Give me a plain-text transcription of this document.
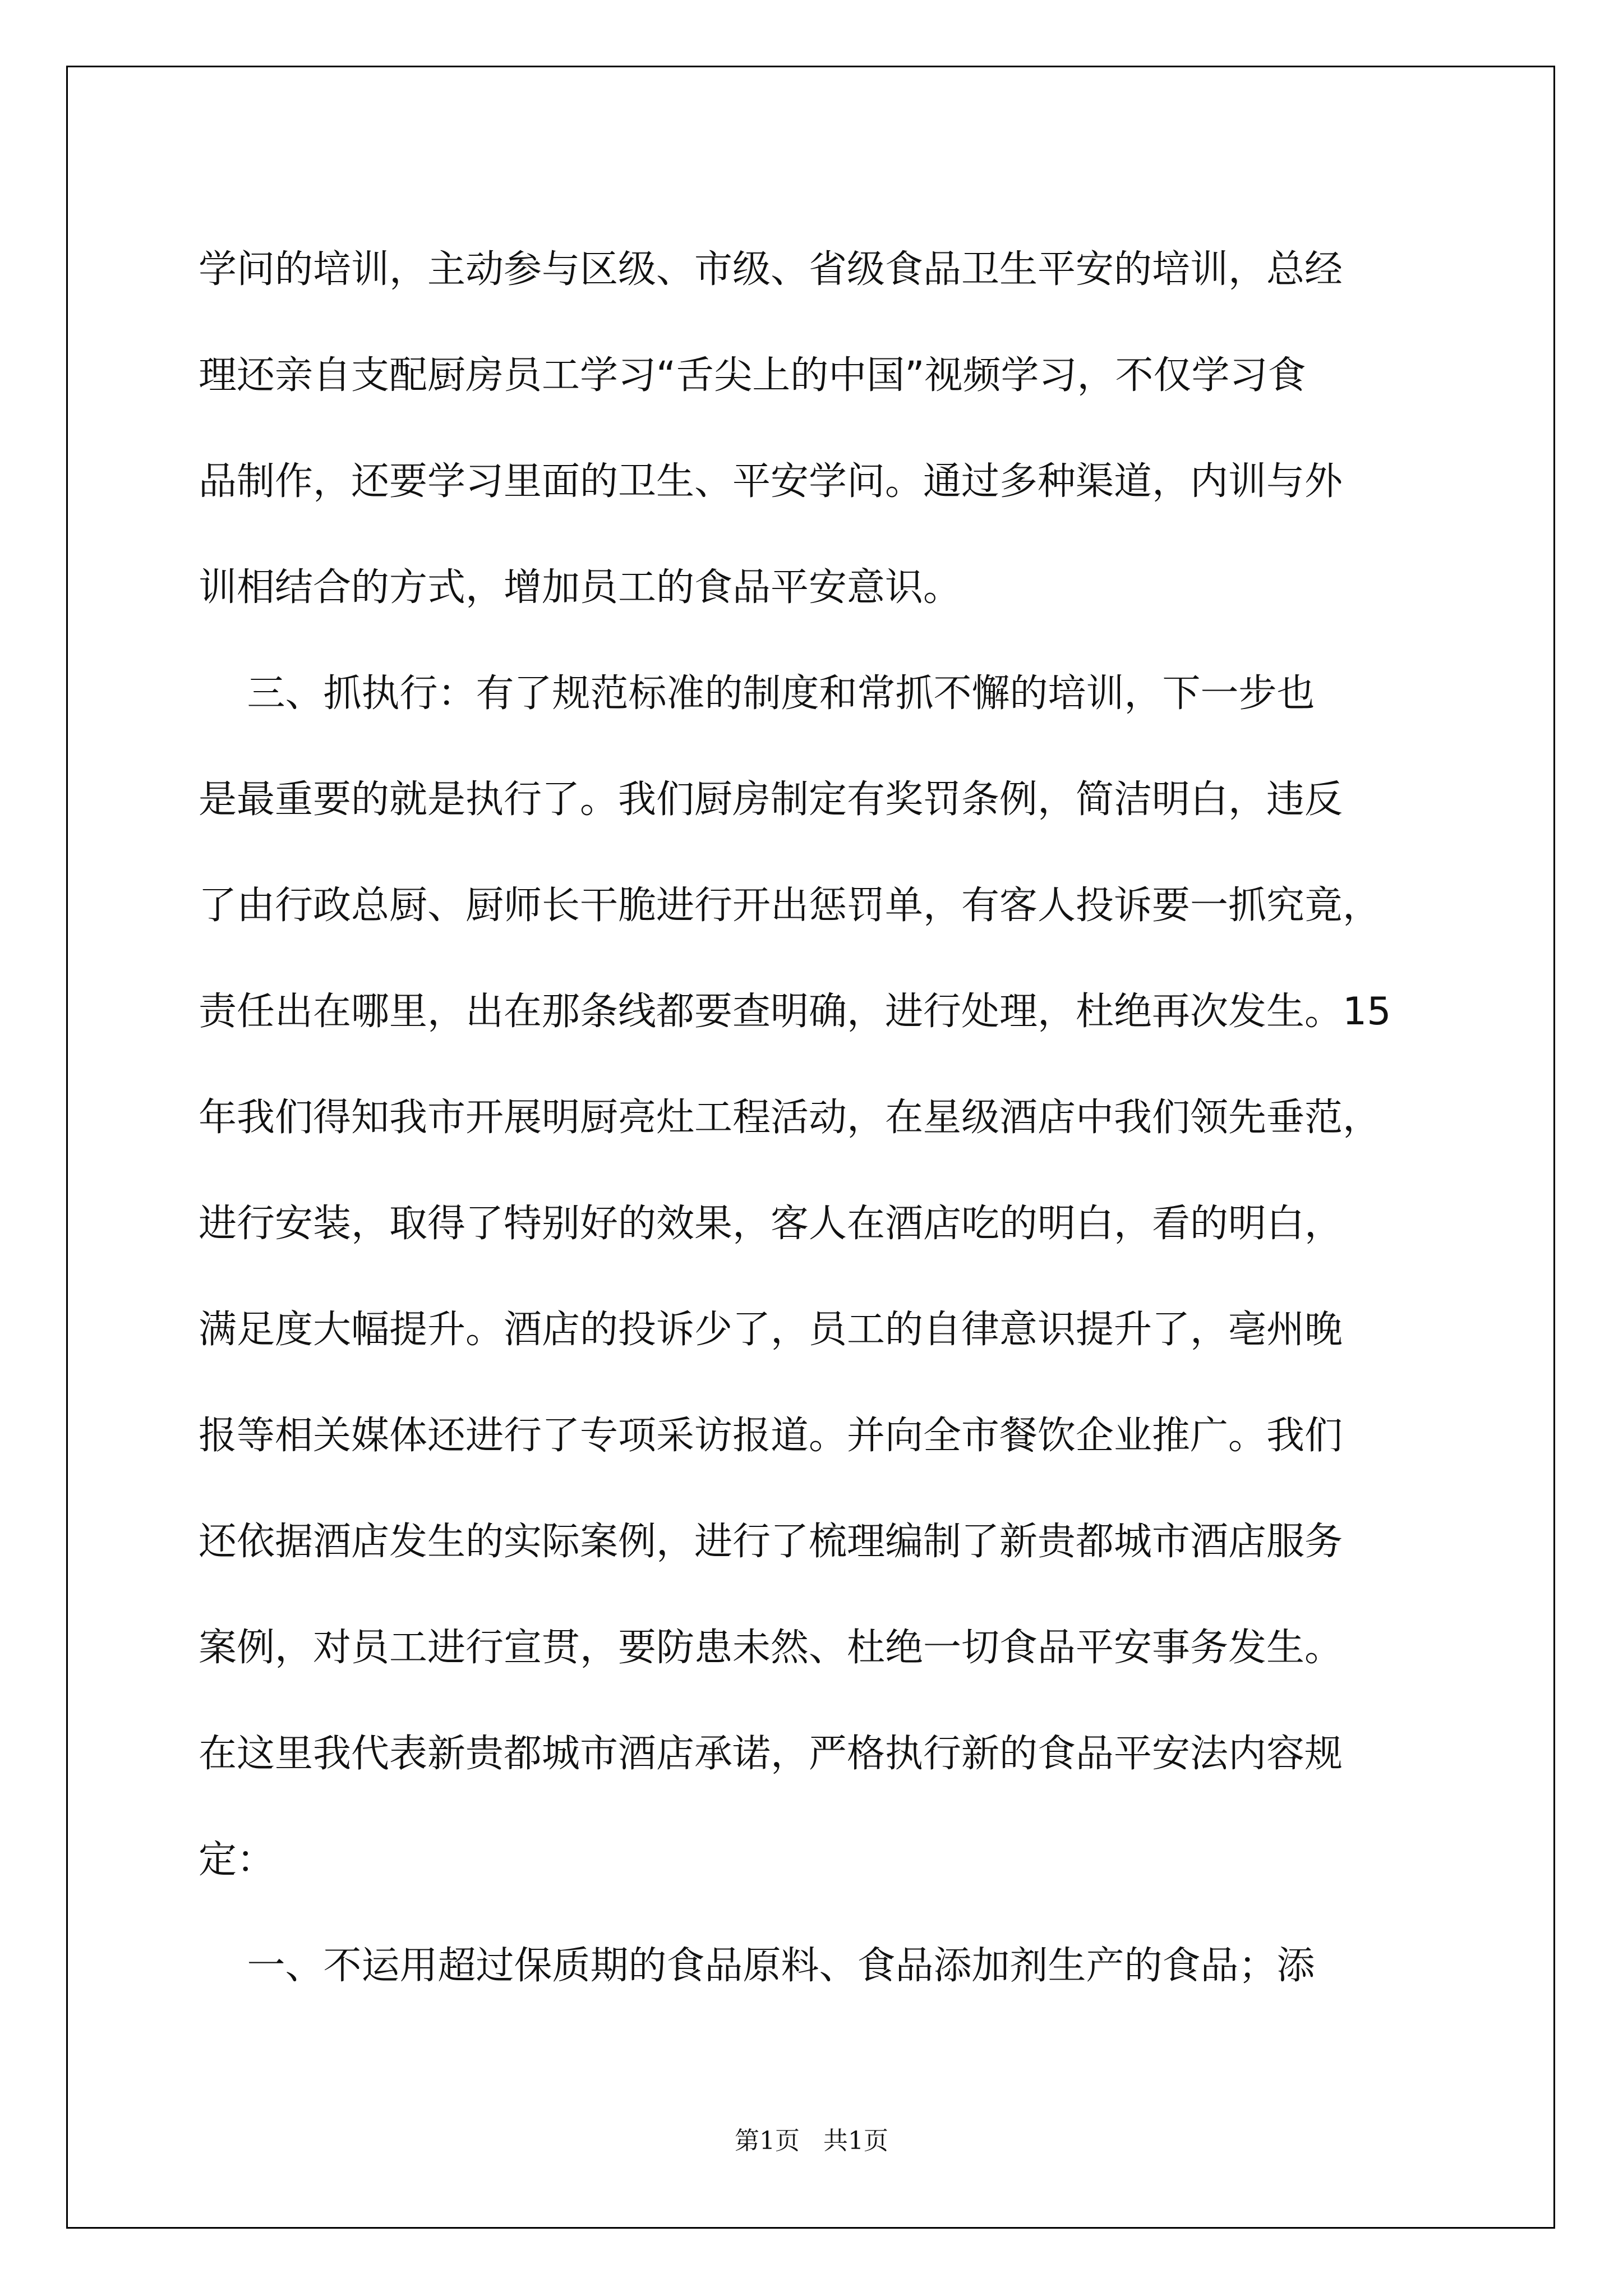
学问的培训，主动参与区级、市级、省级食品卫生平安的培训，总经
理还亲自支配厨房员工学习“舌尖上的中国”视频学习，不仅学习食
品制作，还要学习里面的卫生、平安学问。通过多种渠道，内训与外
训相结合的方式，增加员工的食品平安意识。
三、抓执行：有了规范标准的制度和常抓不懈的培训，下一步也
是最重要的就是执行了。我们厨房制定有奖罚条例，简洁明白，违反
了由行政总厨、厨师长干脆进行开出惩罚单，有客人投诉要一抓究竟，
责任出在哪里，出在那条线都要查明确，进行处理，杜绝再次发生。15
年我们得知我市开展明厨亮灶工程活动，在星级酒店中我们领先垂范，
进行安装，取得了特别好的效果，客人在酒店吃的明白，看的明白，
满足度大幅提升。酒店的投诉少了，员工的自律意识提升了，亳州晚
报等相关媒体还进行了专项采访报道。并向全市餐饮企业推广。我们
还依据酒店发生的实际案例，进行了梳理编制了新贵都城市酒店服务
案例，对员工进行宣贯，要防患未然、杜绝一切食品平安事务发生。
在这里我代表新贵都城市酒店承诺，严格执行新的食品平安法内容规
定：
一、不运用超过保质期的食品原料、食品添加剂生产的食品；添
第1页 共1页
